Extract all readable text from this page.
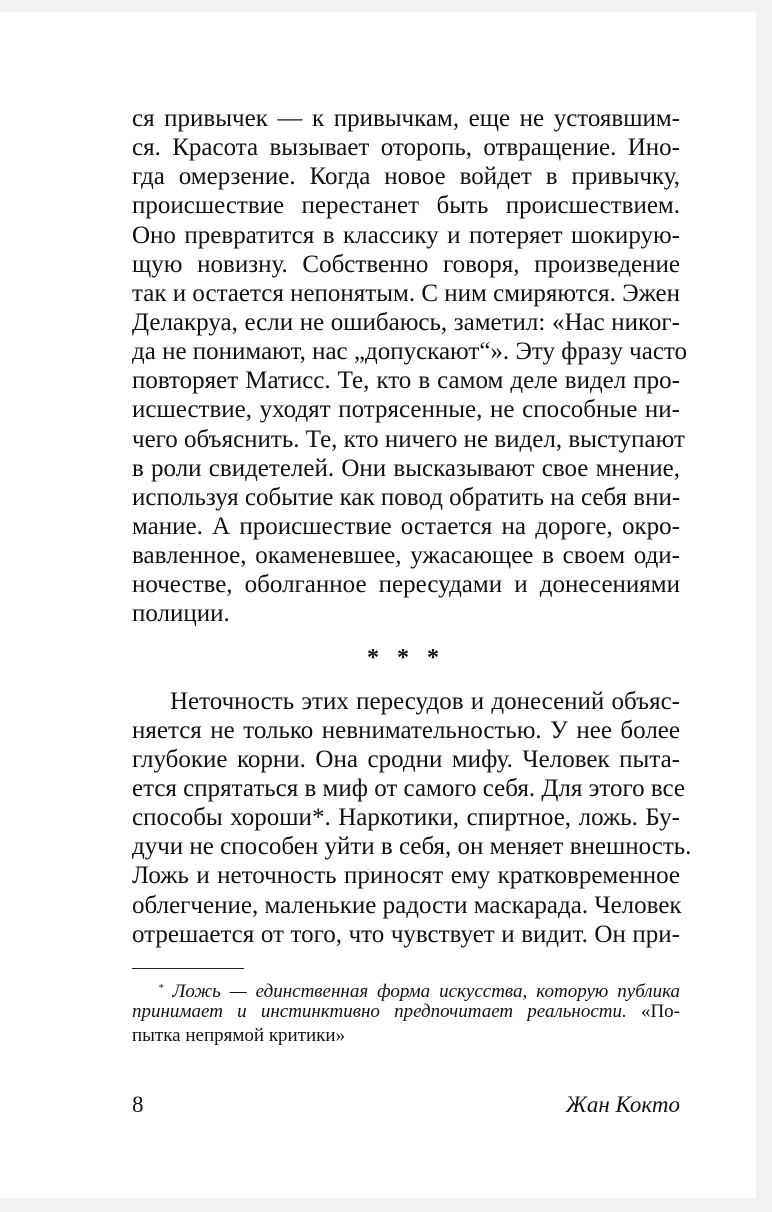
ся привычек — к привычкам, еще не устоявшим-
ся. Красота вызывает оторопь, отвращение. Ино-
гда омерзение. Когда новое войдет в привычку,
происшествие перестанет быть происшествием.
Оно превратится в классику и потеряет шокирую-
щую новизну. Собственно говоря, произведение
так и остается непонятым. С ним смиряются. Эжен
Делакруа, если не ошибаюсь, заметил: «Нас никог-
да не понимают, нас „допускают“». Эту фразу часто
повторяет Матисс. Те, кто в самом деле видел про-
исшествие, уходят потрясенные, не способные ни-
чего объяснить. Те, кто ничего не видел, выступают
в роли свидетелей. Они высказывают свое мнение,
используя событие как повод обратить на себя вни-
мание. А происшествие остается на дороге, окро-
вавленное, окаменевшее, ужасающее в своем оди-
ночестве, оболганное пересудами и донесениями
полиции.
* * *
Неточность этих пересудов и донесений объяс-
няется не только невнимательностью. У нее более
глубокие корни. Она сродни мифу. Человек пыта-
ется спрятаться в миф от самого себя. Для этого все
способы хороши*. Наркотики, спиртное, ложь. Бу-
дучи не способен уйти в себя, он меняет внешность.
Ложь и неточность приносят ему кратковременное
облегчение, маленькие радости маскарада. Человек
отрешается от того, что чувствует и видит. Он при-
* Ложь — единственная форма искусства, которую публика
принимает и инстинктивно предпочитает реальности. «По-
пытка непрямой критики»
8	Жан Кокто
